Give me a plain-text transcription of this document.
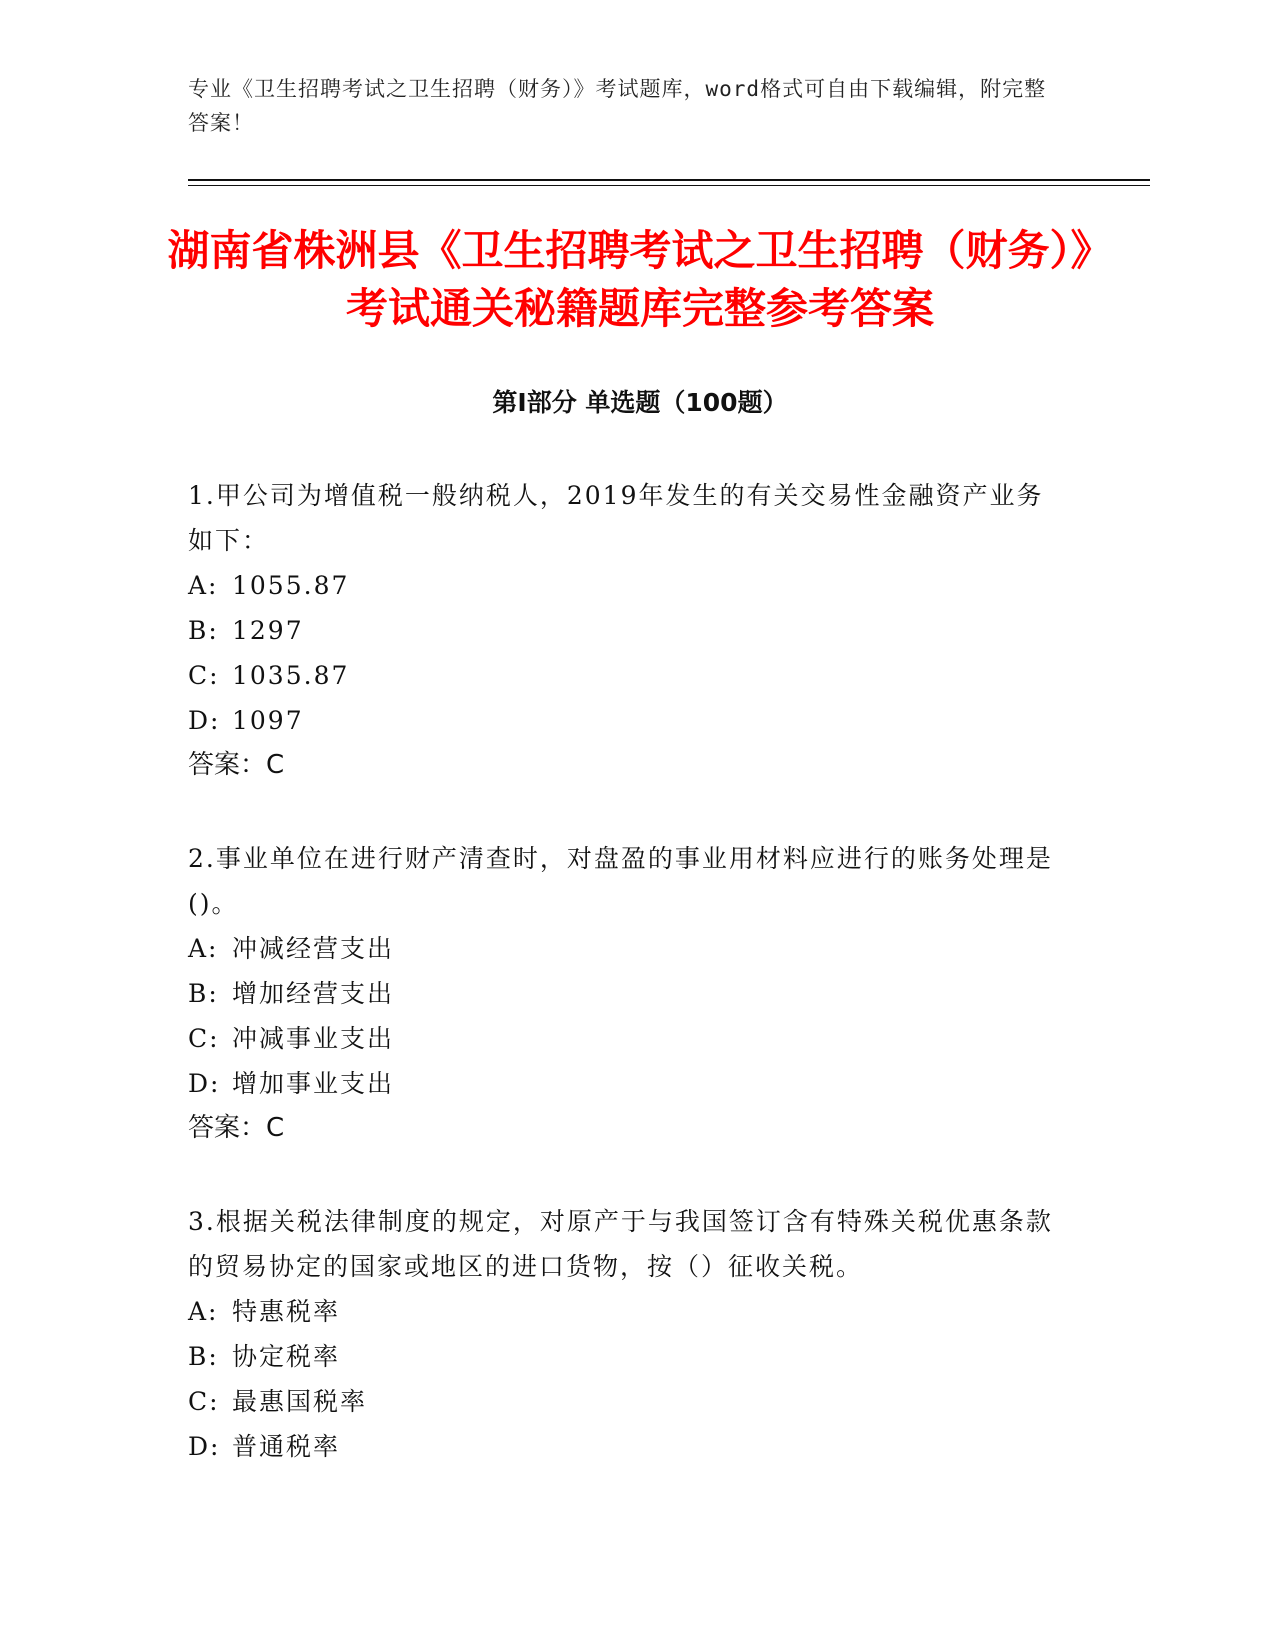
专业《卫生招聘考试之卫生招聘（财务）》考试题库，word格式可自由下载编辑，附完整答案！
湖南省株洲县《卫生招聘考试之卫生招聘（财务）》考试通关秘籍题库完整参考答案
第I部分 单选题（100题）
1.甲公司为增值税一般纳税人，2019年发生的有关交易性金融资产业务如下：
A: 1055.87
B: 1297
C: 1035.87
D: 1097
答案：C
2.事业单位在进行财产清查时，对盘盈的事业用材料应进行的账务处理是()。
A: 冲减经营支出
B: 增加经营支出
C: 冲减事业支出
D: 增加事业支出
答案：C
3.根据关税法律制度的规定，对原产于与我国签订含有特殊关税优惠条款的贸易协定的国家或地区的进口货物，按（）征收关税。
A: 特惠税率
B: 协定税率
C: 最惠国税率
D: 普通税率
